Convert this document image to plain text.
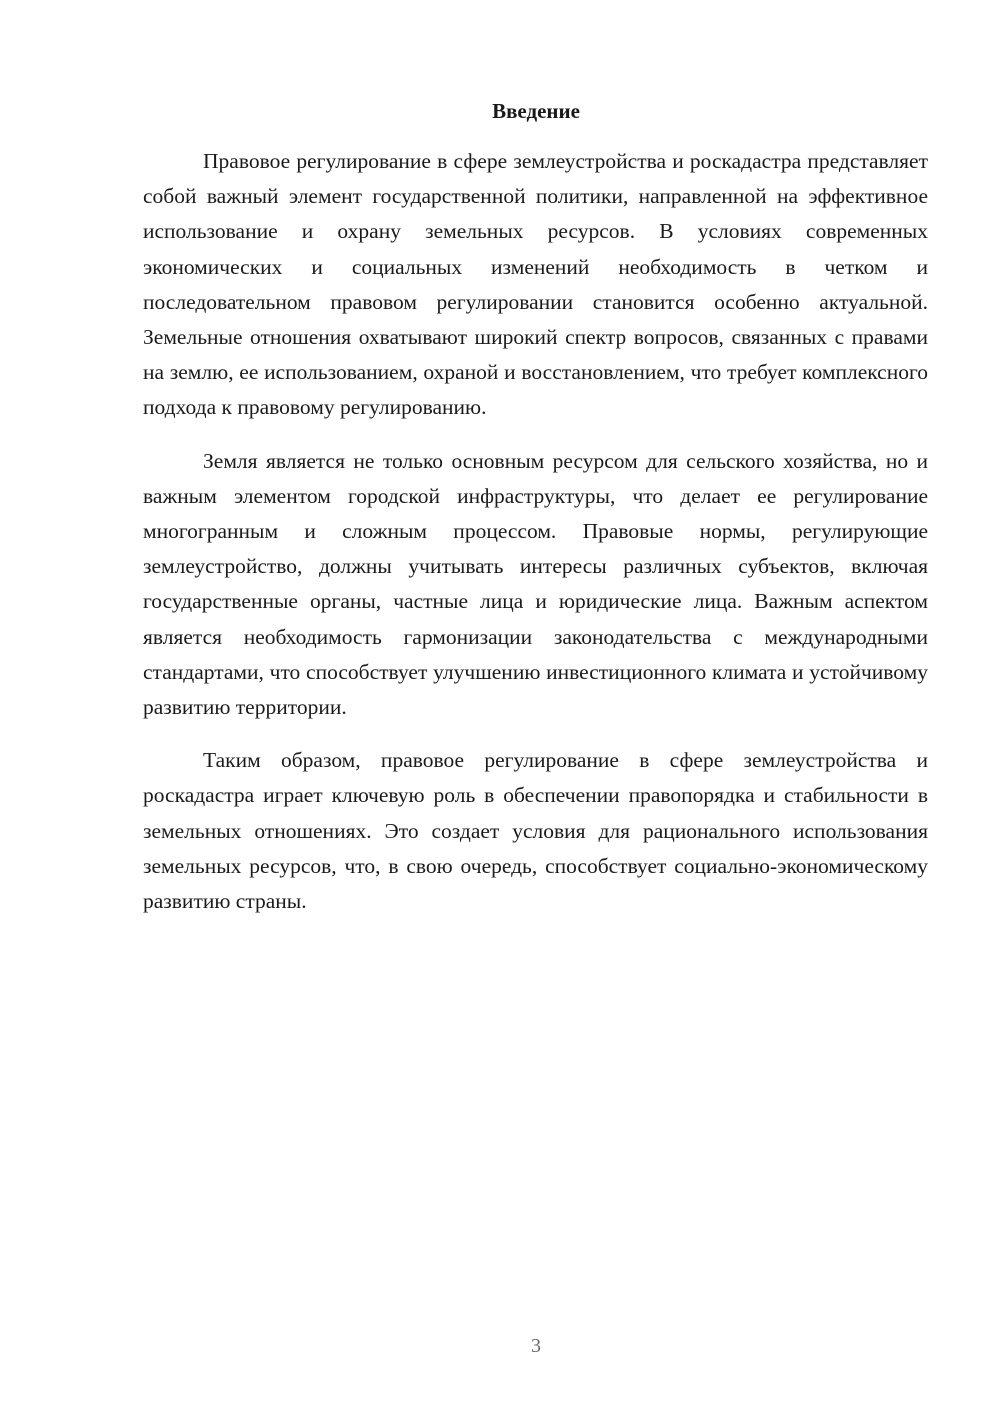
Введение

Правовое регулирование в сфере землеустройства и роскадастра представляет собой важный элемент государственной политики, направленной на эффективное использование и охрану земельных ресурсов. В условиях современных экономических и социальных изменений необходимость в четком и последовательном правовом регулировании становится особенно актуальной. Земельные отношения охватывают широкий спектр вопросов, связанных с правами на землю, ее использованием, охраной и восстановлением, что требует комплексного подхода к правовому регулированию.

Земля является не только основным ресурсом для сельского хозяйства, но и важным элементом городской инфраструктуры, что делает ее регулирование многогранным и сложным процессом. Правовые нормы, регулирующие землеустройство, должны учитывать интересы различных субъектов, включая государственные органы, частные лица и юридические лица. Важным аспектом является необходимость гармонизации законодательства с международными стандартами, что способствует улучшению инвестиционного климата и устойчивому развитию территории.

Таким образом, правовое регулирование в сфере землеустройства и роскадастра играет ключевую роль в обеспечении правопорядка и стабильности в земельных отношениях. Это создает условия для рационального использования земельных ресурсов, что, в свою очередь, способствует социально-экономическому развитию страны.

3
